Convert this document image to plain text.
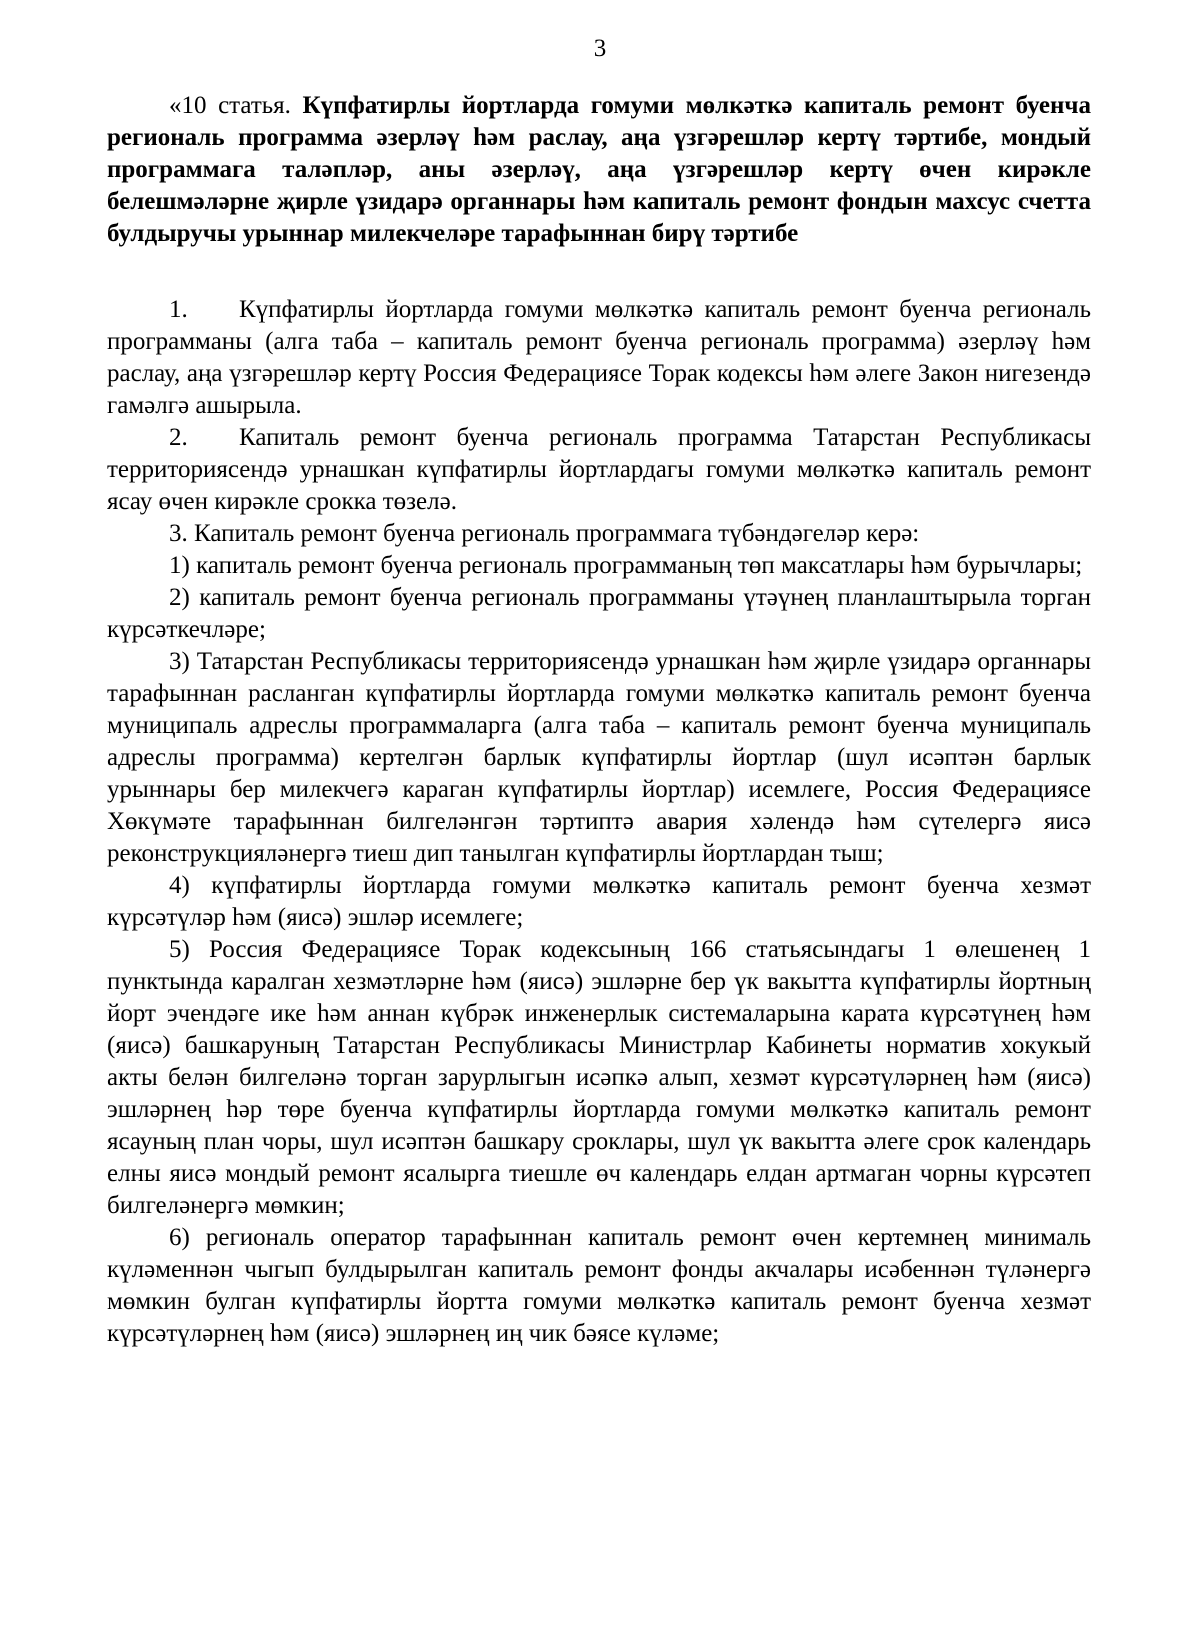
3

«10 статья. Күпфатирлы йортларда гомуми мөлкәткә капиталь ремонт буенча региональ программа әзерләү һәм раслау, аңа үзгәрешләр кертү тәртибе, мондый программага таләпләр, аны әзерләү, аңа үзгәрешләр кертү өчен кирәкле белешмәләрне җирле үзидарә органнары һәм капиталь ремонт фондын махсус счетта булдыручы урыннар милекчеләре тарафыннан бирү тәртибе

1. Күпфатирлы йортларда гомуми мөлкәткә капиталь ремонт буенча региональ программаны (алга таба – капиталь ремонт буенча региональ программа) әзерләү һәм раслау, аңа үзгәрешләр кертү Россия Федерациясе Торак кодексы һәм әлеге Закон нигезендә гамәлгә ашырыла.

2. Капиталь ремонт буенча региональ программа Татарстан Республикасы территориясендә урнашкан күпфатирлы йортлардагы гомуми мөлкәткә капиталь ремонт ясау өчен кирәкле срокка төзелә.

3. Капиталь ремонт буенча региональ программага түбәндәгеләр керә:

1) капиталь ремонт буенча региональ программаның төп максатлары һәм бурычлары;

2) капиталь ремонт буенча региональ программаны үтәүнең планлаштырыла торган күрсәткечләре;

3) Татарстан Республикасы территориясендә урнашкан һәм җирле үзидарә органнары тарафыннан расланган күпфатирлы йортларда гомуми мөлкәткә капиталь ремонт буенча муниципаль адреслы программаларга (алга таба – капиталь ремонт буенча муниципаль адреслы программа) кертелгән барлык күпфатирлы йортлар (шул исәптән барлык урыннары бер милекчегә караган күпфатирлы йортлар) исемлеге, Россия Федерациясе Хөкүмәте тарафыннан билгеләнгән тәртиптә авария хәлендә һәм сүтелергә яисә реконструкцияләнергә тиеш дип танылган күпфатирлы йортлардан тыш;

4) күпфатирлы йортларда гомуми мөлкәткә капиталь ремонт буенча хезмәт күрсәтүләр һәм (яисә) эшләр исемлеге;

5) Россия Федерациясе Торак кодексының 166 статьясындагы 1 өлешенең 1 пунктында каралган хезмәтләрне һәм (яисә) эшләрне бер үк вакытта күпфатирлы йортның йорт эчендәге ике һәм аннан күбрәк инженерлык системаларына карата күрсәтүнең һәм (яисә) башкаруның Татарстан Республикасы Министрлар Кабинеты норматив хокукый акты белән билгеләнә торган зарурлыгын исәпкә алып, хезмәт күрсәтүләрнең һәм (яисә) эшләрнең һәр төре буенча күпфатирлы йортларда гомуми мөлкәткә капиталь ремонт ясауның план чоры, шул исәптән башкару сроклары, шул үк вакытта әлеге срок календарь елны яисә мондый ремонт ясалырга тиешле өч календарь елдан артмаган чорны күрсәтеп билгеләнергә мөмкин;

6) региональ оператор тарафыннан капиталь ремонт өчен кертемнең минималь күләменнән чыгып булдырылган капиталь ремонт фонды акчалары исәбеннән түләнергә мөмкин булган күпфатирлы йортта гомуми мөлкәткә капиталь ремонт буенча хезмәт күрсәтүләрнең һәм (яисә) эшләрнең иң чик бәясе күләме;
